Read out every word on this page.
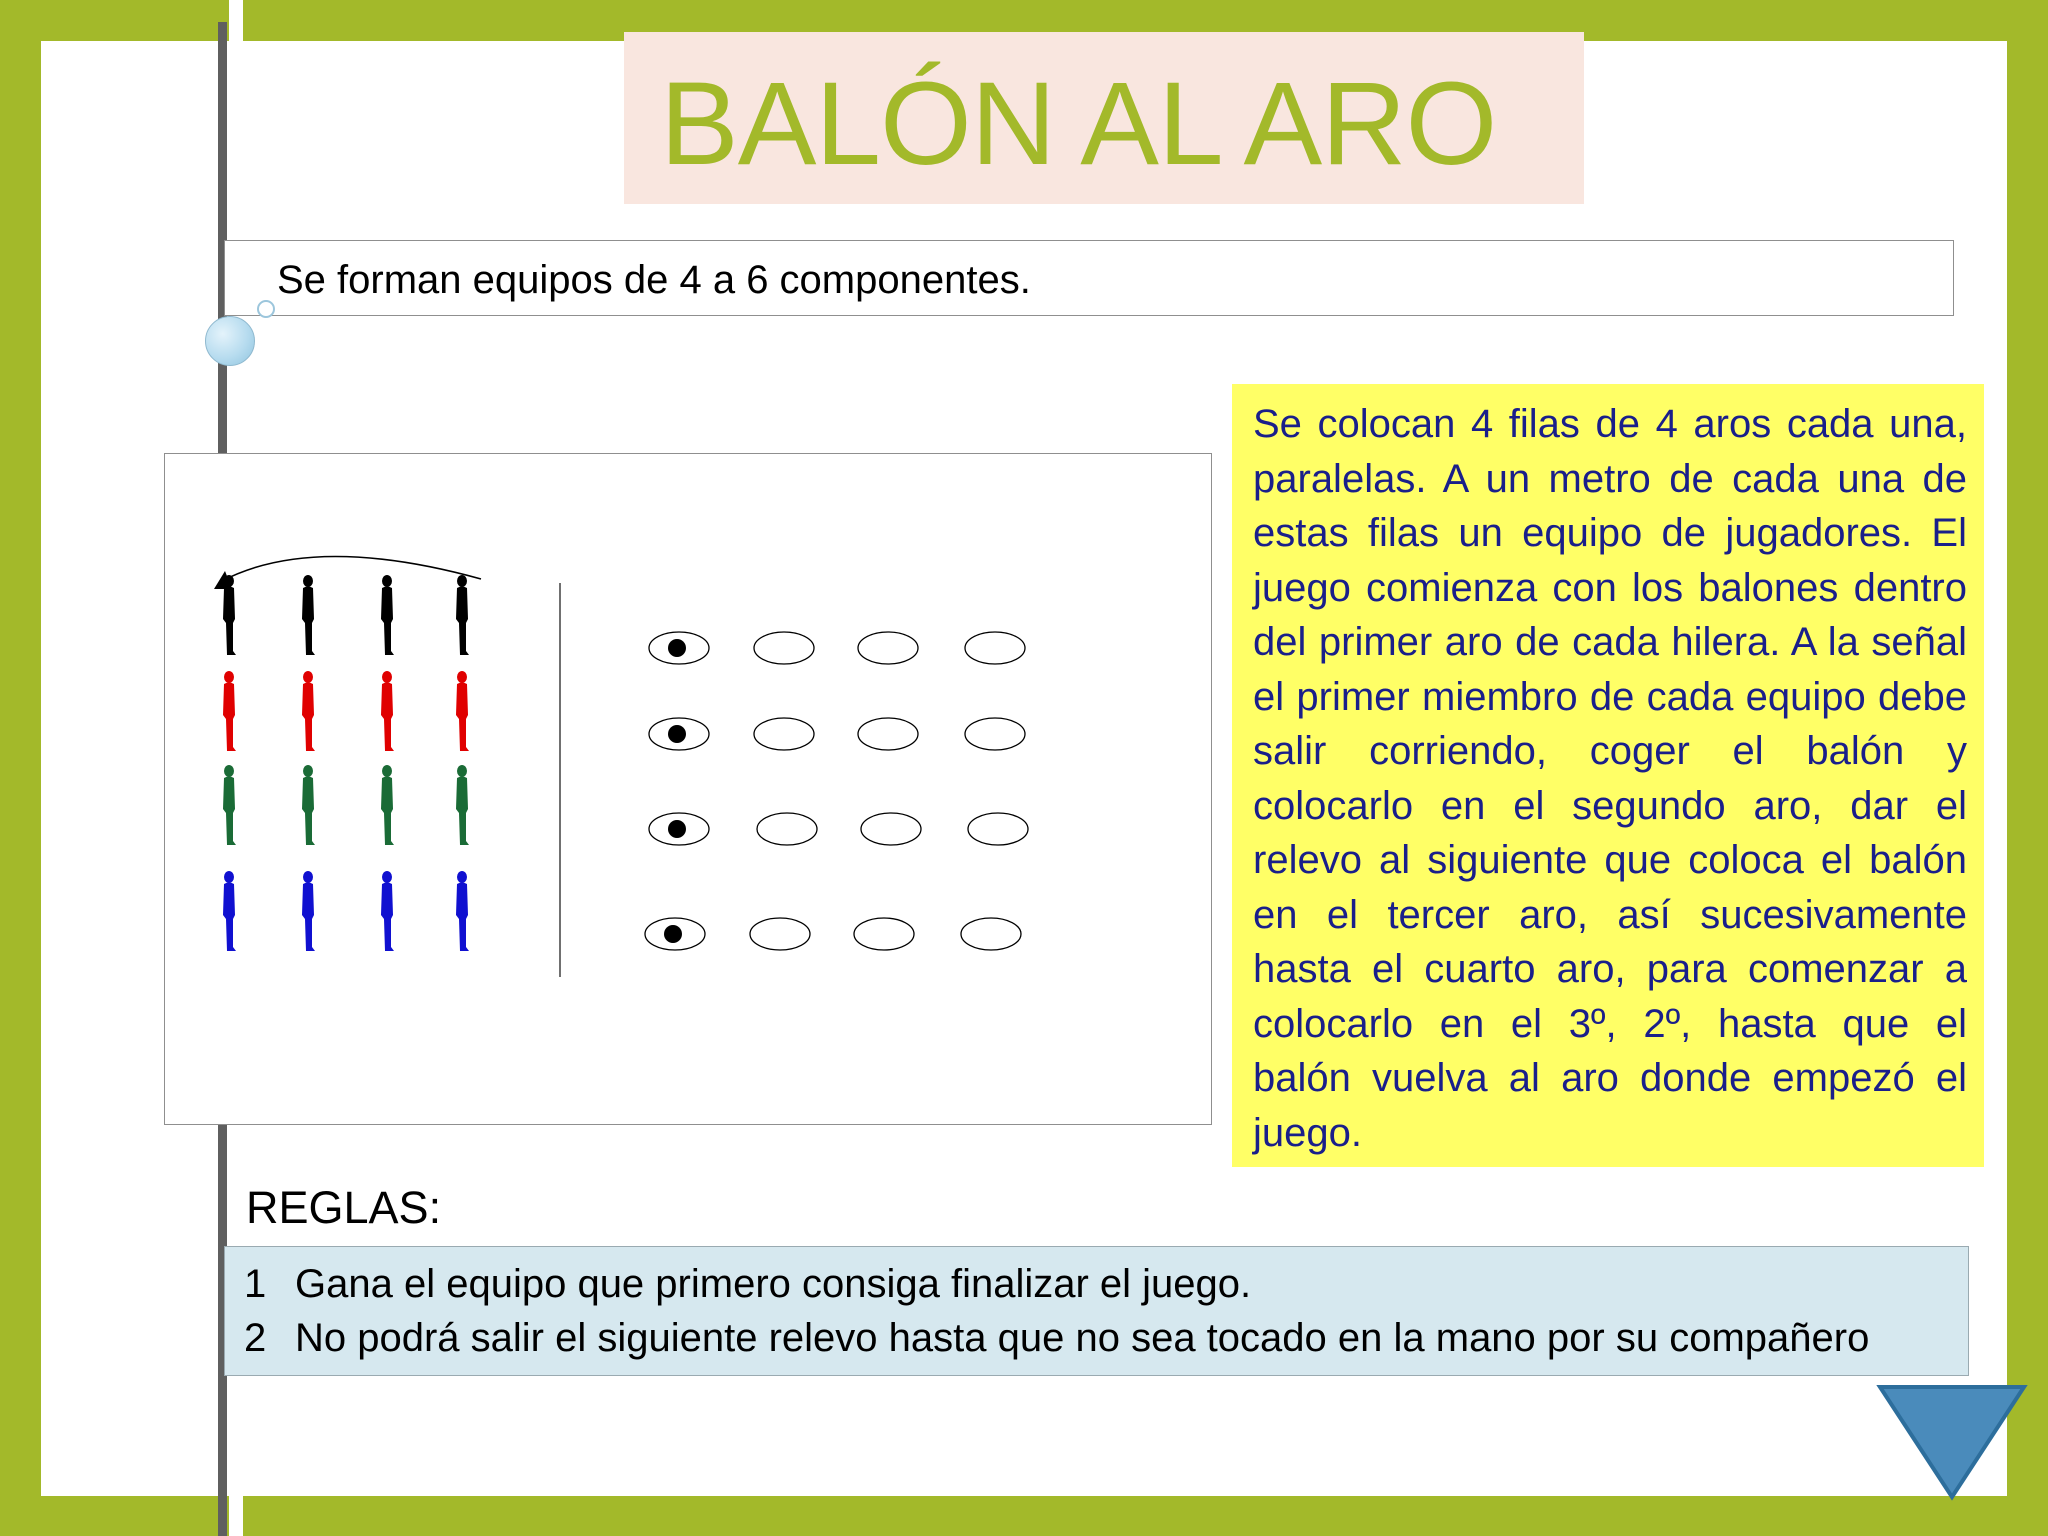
BALÓN AL ARO
Se forman equipos de 4 a 6 componentes.
Se colocan 4 filas de 4 aros cada una, paralelas. A un metro de cada una de estas filas un equipo de jugadores. El juego comienza con los balones dentro del primer aro de cada hilera. A la señal el primer miembro de cada equipo debe salir corriendo, coger el balón y colocarlo en el segundo aro, dar el relevo al siguiente que coloca el balón en el tercer aro, así sucesivamente hasta el cuarto aro, para comenzar a colocarlo en el 3º, 2º, hasta que el balón vuelva al aro donde empezó el juego.
REGLAS:
1 Gana el equipo que primero consiga finalizar el juego.
2 No podrá salir el siguiente relevo hasta que no sea tocado en la mano por su compañero
